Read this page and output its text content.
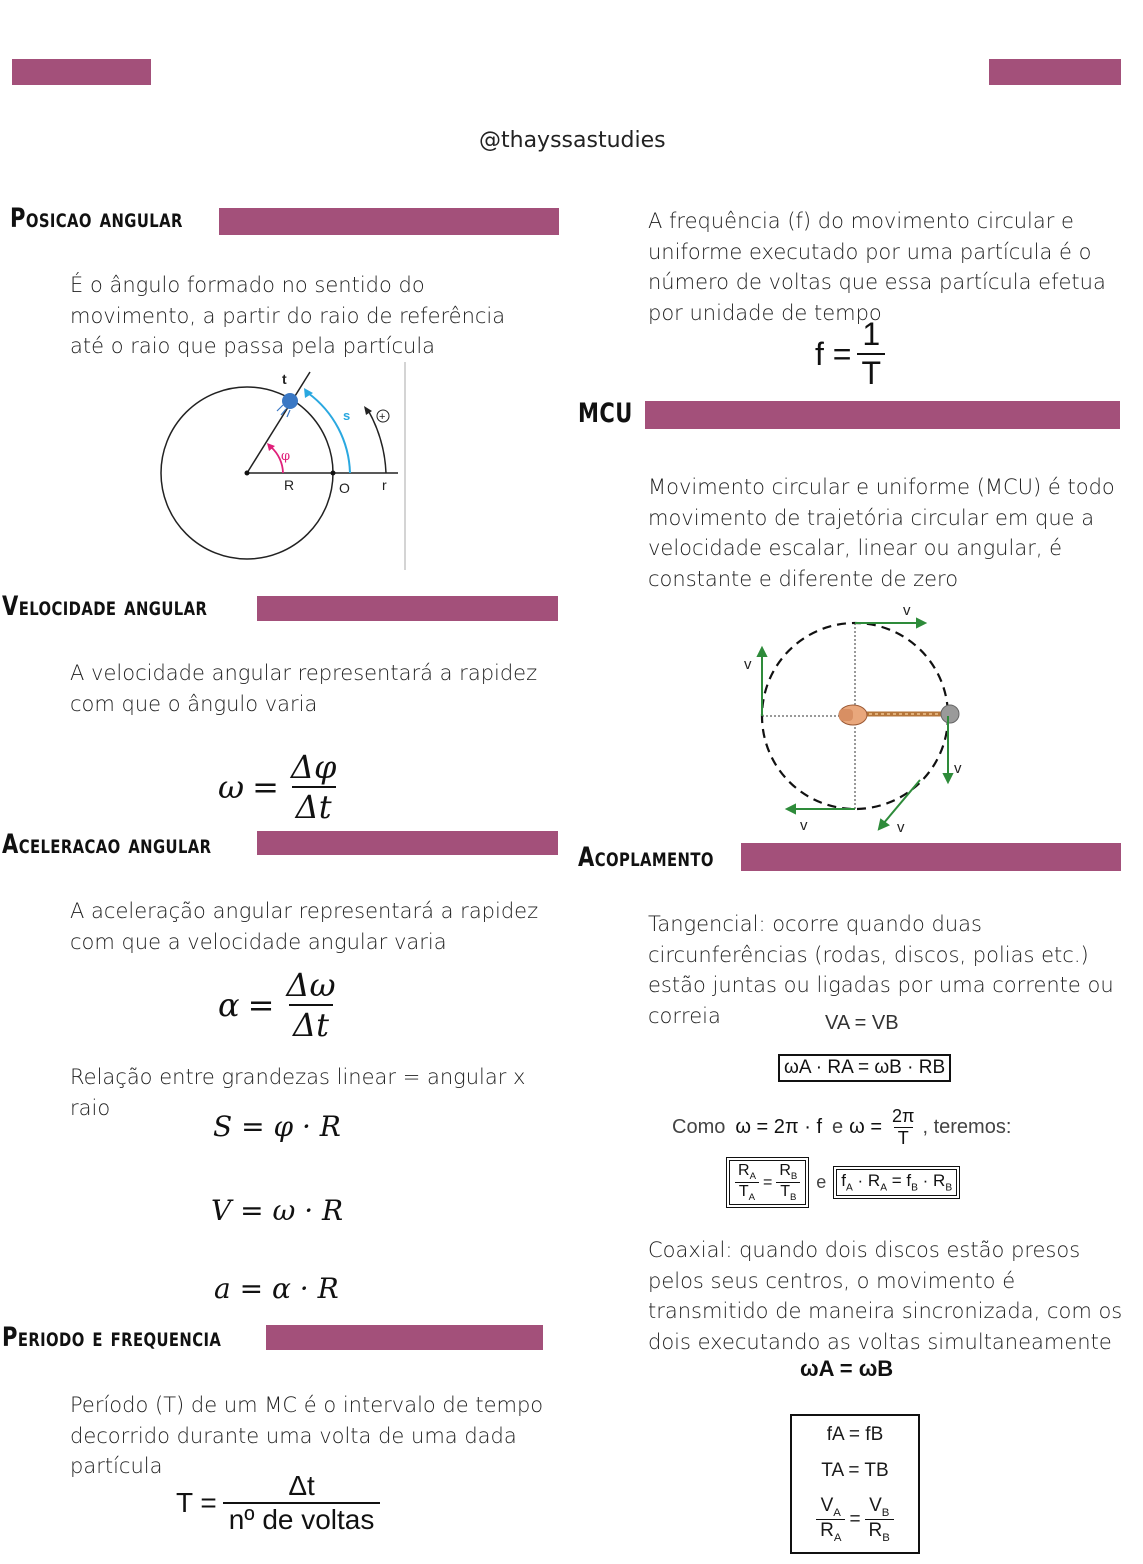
@thayssastudies
Posicao angular
É o ângulo formado no sentido do movimento, a partir do raio de referência até o raio que passa pela partícula
t
s
φ
R	O r
+
Velocidade angular
A velocidade angular representará a rapidez com que o ângulo varia
$\omega = \frac{\Delta\varphi}{\Delta t}$
Aceleracao angular
A aceleração angular representará a rapidez com que a velocidade angular varia
$\alpha = \frac{\Delta\omega}{\Delta t}$
Relação entre grandezas linear = angular x raio
S = φ · R
V = ω · R
a = α · R
Periodo e frequencia
Período (T) de um MC é o intervalo de tempo decorrido durante uma volta de uma dada partícula
$T = \frac{\Delta t}{\text{nº de voltas}}$
A frequência (f) do movimento circular e uniforme executado por uma partícula é o número de voltas que essa partícula efetua por unidade de tempo
$f = \frac{1}{T}$
MCU
Movimento circular e uniforme (MCU) é todo movimento de trajetória circular em que a velocidade escalar, linear ou angular, é constante e diferente de zero
v
v
v
v	v
Acoplamento
Tangencial: ocorre quando duas circunferências (rodas, discos, polias etc.) estão juntas ou ligadas por uma corrente ou correia	VA = VB
ωA · RA = ωB · RB
Como ω = 2π · f e $\omega = \frac{2\pi}{T}$ , teremos:
$\frac{R_A}{T_A} = \frac{R_B}{T_B}$ e $f_A \cdot R_A = f_B \cdot R_B$
Coaxial: quando dois discos estão presos pelos seus centros, o movimento é transmitido de maneira sincronizada, com os dois executando as voltas simultaneamente
ωA = ωB
fA = fB
TA = TB
$\frac{V_A}{R_A} = \frac{V_B}{R_B}$
